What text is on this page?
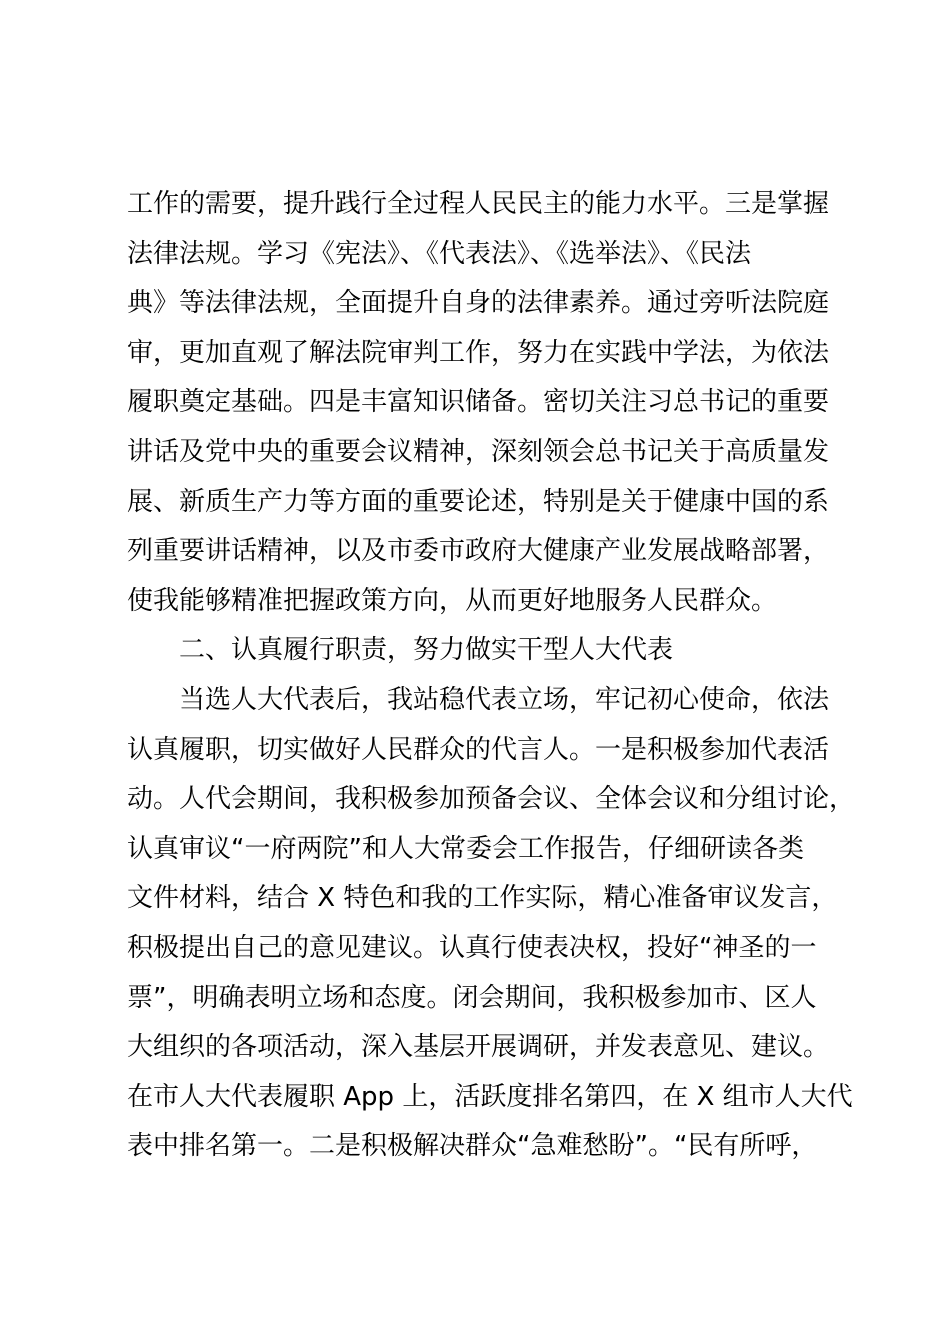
工作的需要，提升践行全过程人民民主的能力水平。三是掌握
法律法规。学习《宪法》、《代表法》、《选举法》、《民法
典》等法律法规，全面提升自身的法律素养。通过旁听法院庭
审，更加直观了解法院审判工作，努力在实践中学法，为依法
履职奠定基础。四是丰富知识储备。密切关注习总书记的重要
讲话及党中央的重要会议精神，深刻领会总书记关于高质量发
展、新质生产力等方面的重要论述，特别是关于健康中国的系
列重要讲话精神，以及市委市政府大健康产业发展战略部署，
使我能够精准把握政策方向，从而更好地服务人民群众。
二、认真履行职责，努力做实干型人大代表
当选人大代表后，我站稳代表立场，牢记初心使命，依法
认真履职，切实做好人民群众的代言人。一是积极参加代表活
动。人代会期间，我积极参加预备会议、全体会议和分组讨论，
认真审议“一府两院”和人大常委会工作报告，仔细研读各类
文件材料，结合 X 特色和我的工作实际，精心准备审议发言，
积极提出自己的意见建议。认真行使表决权，投好“神圣的一
票”，明确表明立场和态度。闭会期间，我积极参加市、区人
大组织的各项活动，深入基层开展调研，并发表意见、建议。
在市人大代表履职 App 上，活跃度排名第四，在 X 组市人大代
表中排名第一。二是积极解决群众“急难愁盼”。“民有所呼，
